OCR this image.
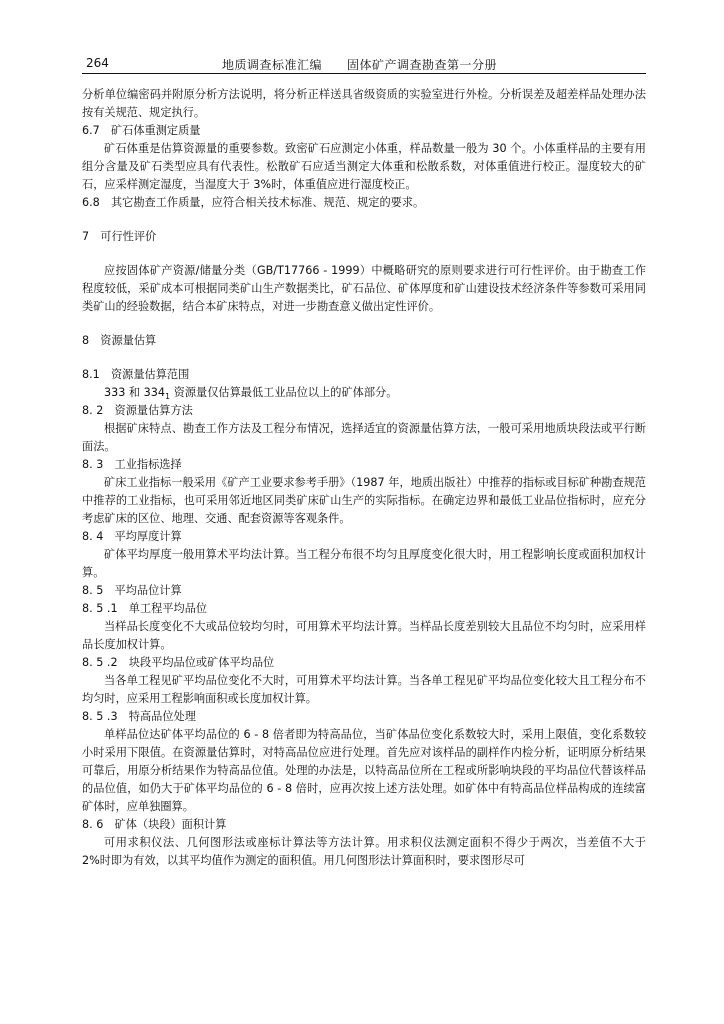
264	地质调查标准汇编　　固体矿产调查勘查第一分册

分析单位编密码并附原分析方法说明，将分析正样送具省级资质的实验室进行外检。分析误差及超差样品处理办法按有关规范、规定执行。

6.7　矿石体重测定质量

矿石体重是估算资源量的重要参数。致密矿石应测定小体重，样品数量一般为 30 个。小体重样品的主要有用组分含量及矿石类型应具有代表性。松散矿石应适当测定大体重和松散系数，对体重值进行校正。湿度较大的矿石，应采样测定湿度，当湿度大于 3%时，体重值应进行湿度校正。

6.8　其它勘查工作质量，应符合相关技术标准、规范、规定的要求。

7　可行性评价

应按固体矿产资源/储量分类（GB/T17766 - 1999）中概略研究的原则要求进行可行性评价。由于勘查工作程度较低，采矿成本可根据同类矿山生产数据类比，矿石品位、矿体厚度和矿山建设技术经济条件等参数可采用同类矿山的经验数据，结合本矿床特点，对进一步勘查意义做出定性评价。

8　资源量估算

8.1　资源量估算范围

333 和 $334_1$ 资源量仅估算最低工业品位以上的矿体部分。

8. 2　资源量估算方法

根据矿床特点、勘查工作方法及工程分布情况，选择适宜的资源量估算方法，一般可采用地质块段法或平行断面法。

8. 3　工业指标选择

矿床工业指标一般采用《矿产工业要求参考手册》（1987 年，地质出版社）中推荐的指标或目标矿种勘查规范中推荐的工业指标，也可采用邻近地区同类矿床矿山生产的实际指标。在确定边界和最低工业品位指标时，应充分考虑矿床的区位、地理、交通、配套资源等客观条件。

8. 4　平均厚度计算

矿体平均厚度一般用算术平均法计算。当工程分布很不均匀且厚度变化很大时，用工程影响长度或面积加权计算。

8. 5　平均品位计算

8. 5 .1　单工程平均品位

当样品长度变化不大或品位较均匀时，可用算术平均法计算。当样品长度差别较大且品位不均匀时，应采用样品长度加权计算。

8. 5 .2　块段平均品位或矿体平均品位

当各单工程见矿平均品位变化不大时，可用算术平均法计算。当各单工程见矿平均品位变化较大且工程分布不均匀时，应采用工程影响面积或长度加权计算。

8. 5 .3　特高品位处理

单样品位达矿体平均品位的 6 - 8 倍者即为特高品位，当矿体品位变化系数较大时，采用上限值，变化系数较小时采用下限值。在资源量估算时，对特高品位应进行处理。首先应对该样品的副样作内检分析，证明原分析结果可靠后，用原分析结果作为特高品位值。处理的办法是，以特高品位所在工程或所影响块段的平均品位代替该样品的品位值，如仍大于矿体平均品位的 6 - 8 倍时，应再次按上述方法处理。如矿体中有特高品位样品构成的连续富矿体时，应单独圈算。

8. 6　矿体（块段）面积计算

可用求积仪法、几何图形法或座标计算法等方法计算。用求积仪法测定面积不得少于两次，当差值不大于　2%时即为有效，以其平均值作为测定的面积值。用几何图形法计算面积时，要求图形尽可
